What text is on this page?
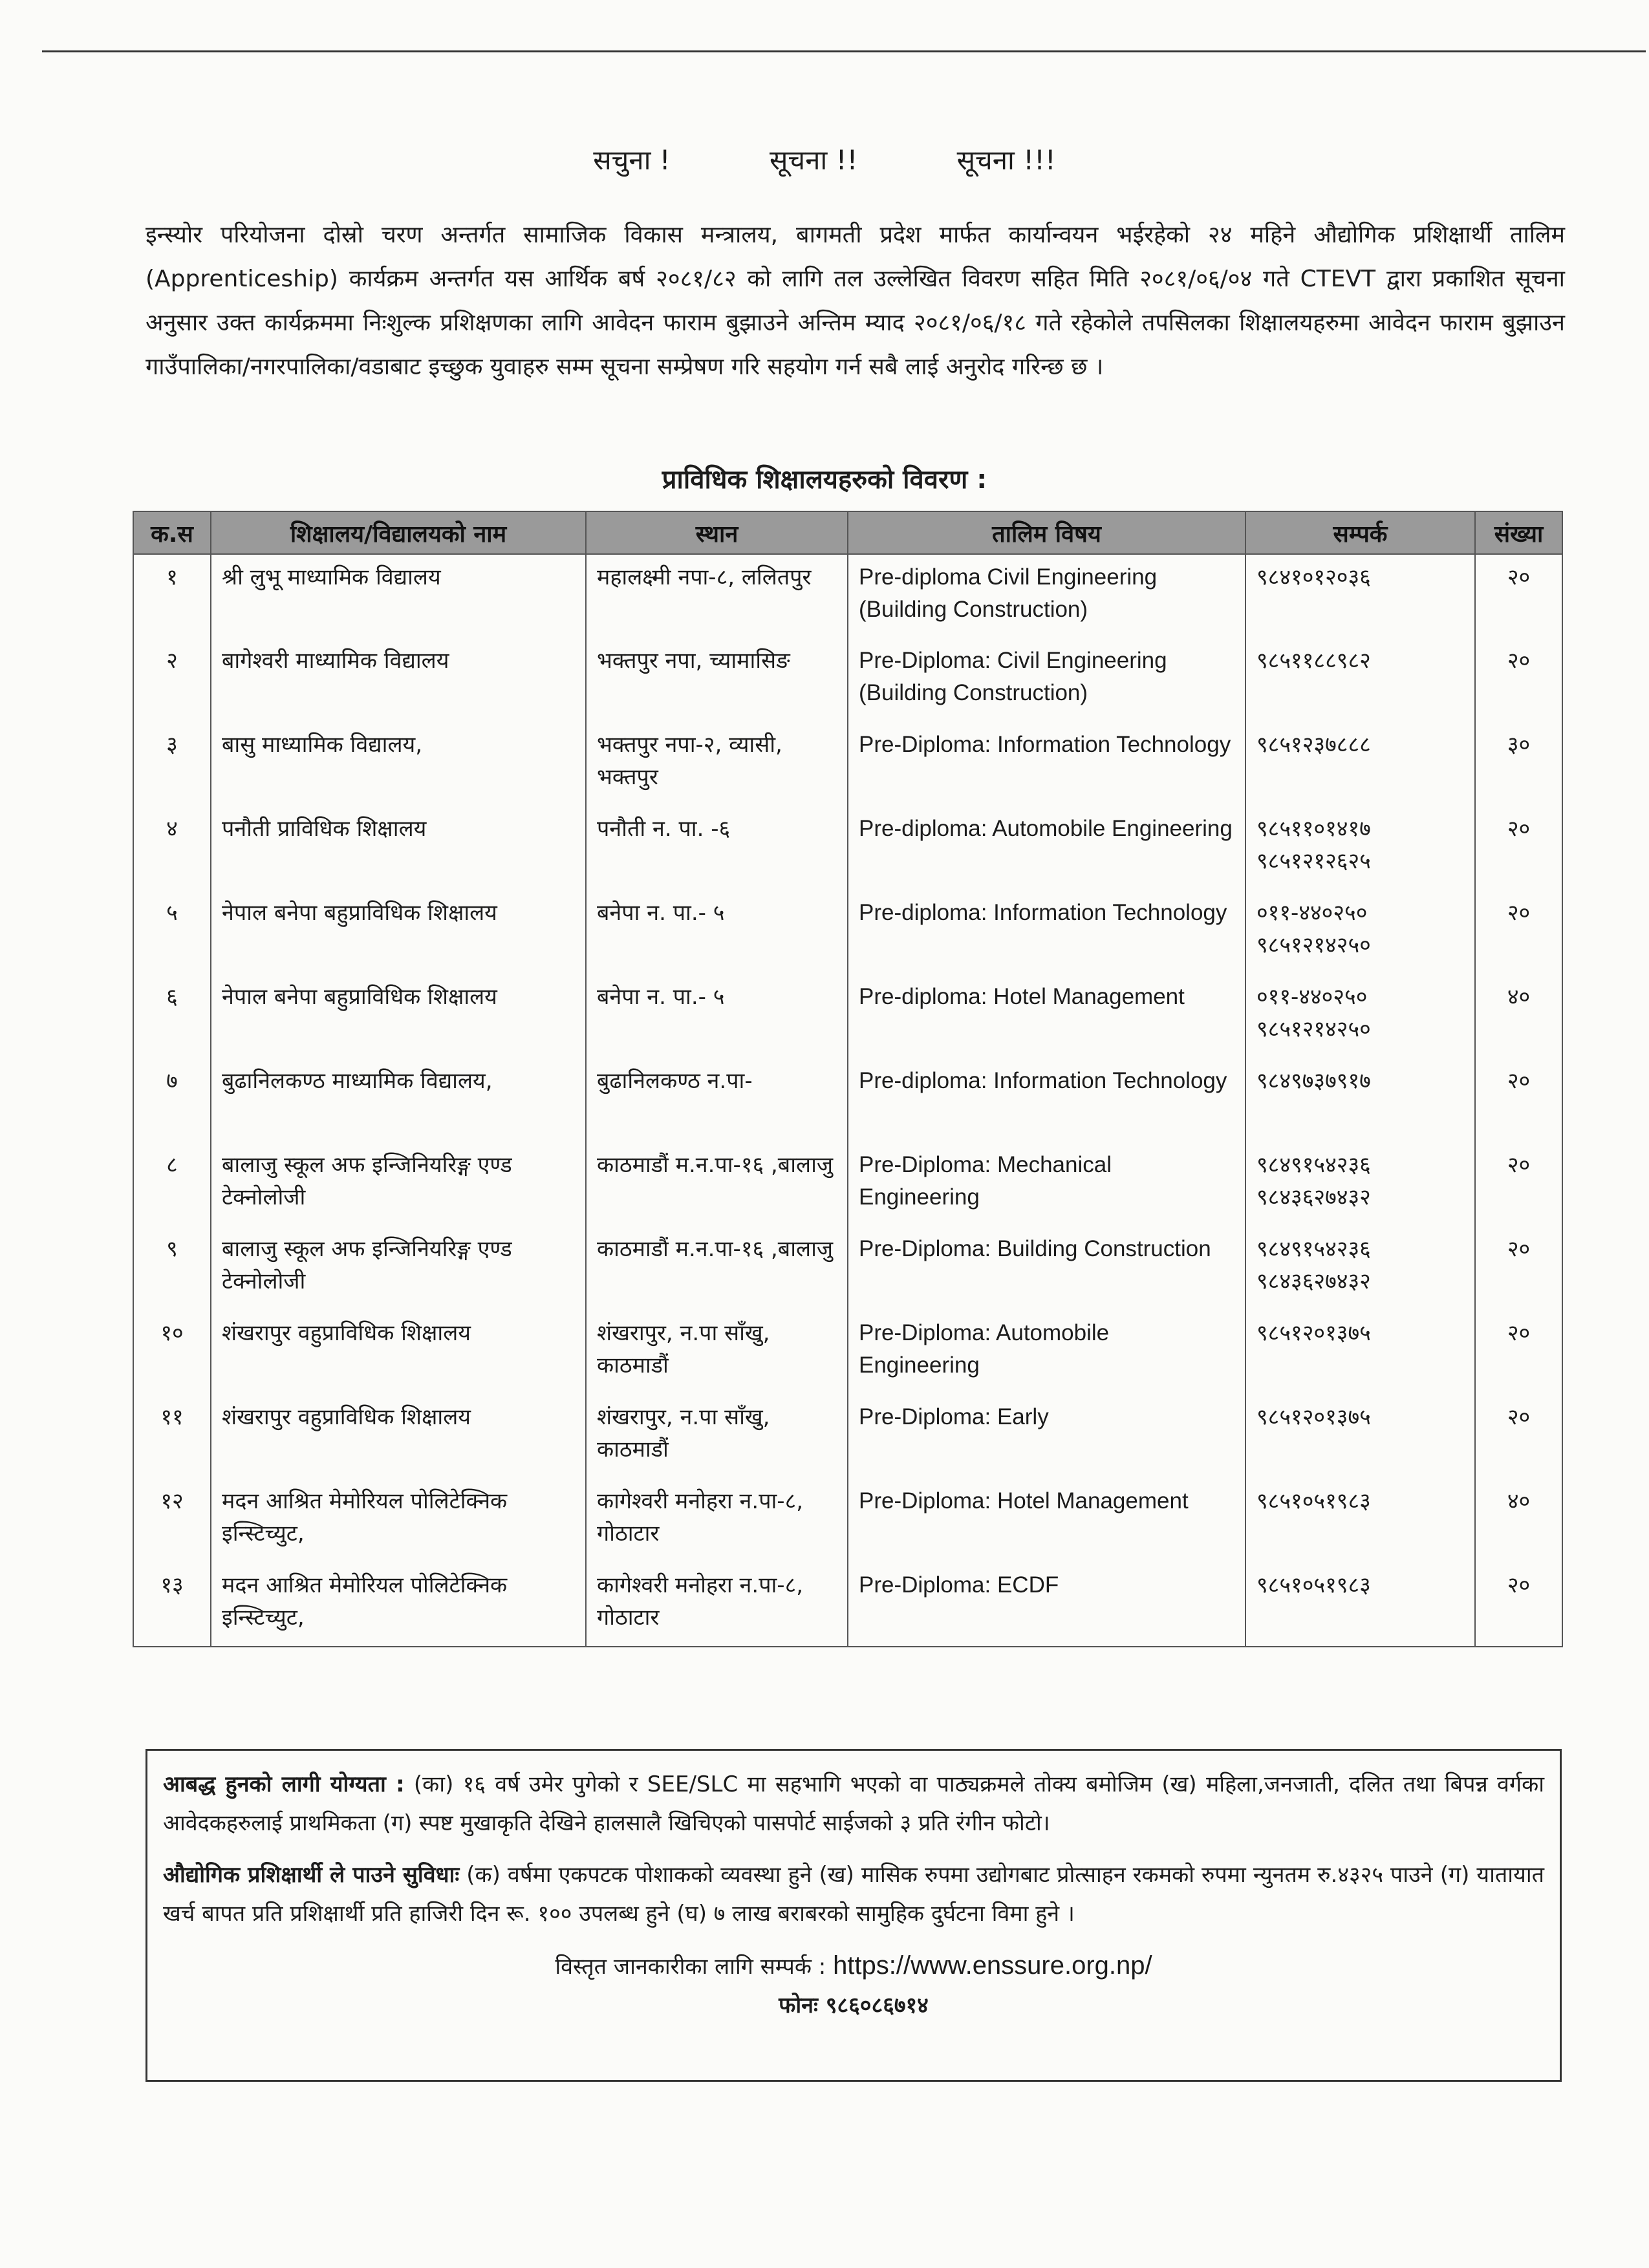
सचुना !	सूचना !!	सूचना !!!
इन्स्योर परियोजना दोस्रो चरण अन्तर्गत सामाजिक विकास मन्त्रालय, बागमती प्रदेश मार्फत कार्यान्वयन भईरहेको २४ महिने औद्योगिक प्रशिक्षार्थी तालिम (Apprenticeship) कार्यक्रम अन्तर्गत यस आर्थिक बर्ष २०८१/८२ को लागि तल उल्लेखित विवरण सहित मिति २०८१/०६/०४ गते CTEVT द्वारा प्रकाशित सूचना अनुसार उक्त कार्यक्रममा निःशुल्क प्रशिक्षणका लागि आवेदन फाराम बुझाउने अन्तिम म्याद २०८१/०६/१८ गते रहेकोले तपसिलका शिक्षालयहरुमा आवेदन फाराम बुझाउन गाउँपालिका/नगरपालिका/वडाबाट इच्छुक युवाहरु सम्म सूचना सम्प्रेषण गरि सहयोग गर्न सबै लाई अनुरोद गरिन्छ छ ।
प्राविधिक शिक्षालयहरुको विवरण :
क.स	शिक्षालय/विद्यालयको नाम	स्थान	तालिम विषय	सम्पर्क	संख्या
१	श्री लुभू माध्यामिक विद्यालय	महालक्ष्मी नपा-८, ललितपुर	Pre-diploma Civil Engineering (Building Construction)	९८४१०१२०३६	२०
२	बागेश्वरी माध्यामिक विद्यालय	भक्तपुर नपा, च्यामासिङ	Pre-Diploma: Civil Engineering (Building Construction)	९८५११८८९८२	२०
३	बासु माध्यामिक विद्यालय,	भक्तपुर नपा-२, व्यासी, भक्तपुर	Pre-Diploma: Information Technology	९८५१२३७८८८	३०
४	पनौती प्राविधिक शिक्षालय	पनौती न. पा. -६	Pre-diploma: Automobile Engineering	९८५११०१४१७ ९८५१२१२६२५	२०
५	नेपाल बनेपा बहुप्राविधिक शिक्षालय	बनेपा न. पा.- ५	Pre-diploma: Information Technology	०११-४४०२५० ९८५१२१४२५०	२०
६	नेपाल बनेपा बहुप्राविधिक शिक्षालय	बनेपा न. पा.- ५	Pre-diploma: Hotel Management	०११-४४०२५० ९८५१२१४२५०	४०
७	बुढानिलकण्ठ माध्यामिक विद्यालय,	बुढानिलकण्ठ न.पा-	Pre-diploma: Information Technology	९८४९७३७९१७	२०
८	बालाजु स्कूल अफ इन्जिनियरिङ्ग एण्ड टेक्नोलोजी	काठमाडौं म.न.पा-१६ ,बालाजु	Pre-Diploma: Mechanical Engineering	९८४९१५४२३६ ९८४३६२७४३२	२०
९	बालाजु स्कूल अफ इन्जिनियरिङ्ग एण्ड टेक्नोलोजी	काठमाडौं म.न.पा-१६ ,बालाजु	Pre-Diploma: Building Construction	९८४९१५४२३६ ९८४३६२७४३२	२०
१०	शंखरापुर वहुप्राविधिक शिक्षालय	शंखरापुर, न.पा साँखु, काठमाडौं	Pre-Diploma: Automobile Engineering	९८५१२०१३७५	२०
११	शंखरापुर वहुप्राविधिक शिक्षालय	शंखरापुर, न.पा साँखु, काठमाडौं	Pre-Diploma: Early	९८५१२०१३७५	२०
१२	मदन आश्रित मेमोरियल पोलिटेक्निक इन्स्टिच्युट,	कागेश्वरी मनोहरा न.पा-८, गोठाटार	Pre-Diploma: Hotel Management	९८५१०५१९८३	४०
१३	मदन आश्रित मेमोरियल पोलिटेक्निक इन्स्टिच्युट,	कागेश्वरी मनोहरा न.पा-८, गोठाटार	Pre-Diploma: ECDF	९८५१०५१९८३	२०

आबद्ध हुनको लागी योग्यता : (का) १६ वर्ष उमेर पुगेको र SEE/SLC मा सहभागि भएको वा पाठ्यक्रमले तोक्य बमोजिम (ख) महिला,जनजाती, दलित तथा बिपन्न वर्गका आवेदकहरुलाई प्राथमिकता (ग) स्पष्ट मुखाकृति देखिने हालसालै खिचिएको पासपोर्ट साईजको ३ प्रति रंगीन फोटो।

औद्योगिक प्रशिक्षार्थी ले पाउने सुविधाः (क) वर्षमा एकपटक पोशाकको व्यवस्था हुने (ख) मासिक रुपमा उद्योगबाट प्रोत्साहन रकमको रुपमा न्युनतम रु.४३२५ पाउने (ग) यातायात खर्च बापत प्रति प्रशिक्षार्थी प्रति हाजिरी दिन रू. १०० उपलब्ध हुने (घ) ७ लाख बराबरको सामुहिक दुर्घटना विमा हुने ।

विस्तृत जानकारीका लागि सम्पर्क : https://www.enssure.org.np/
फोनः ९८६०८६७१४
